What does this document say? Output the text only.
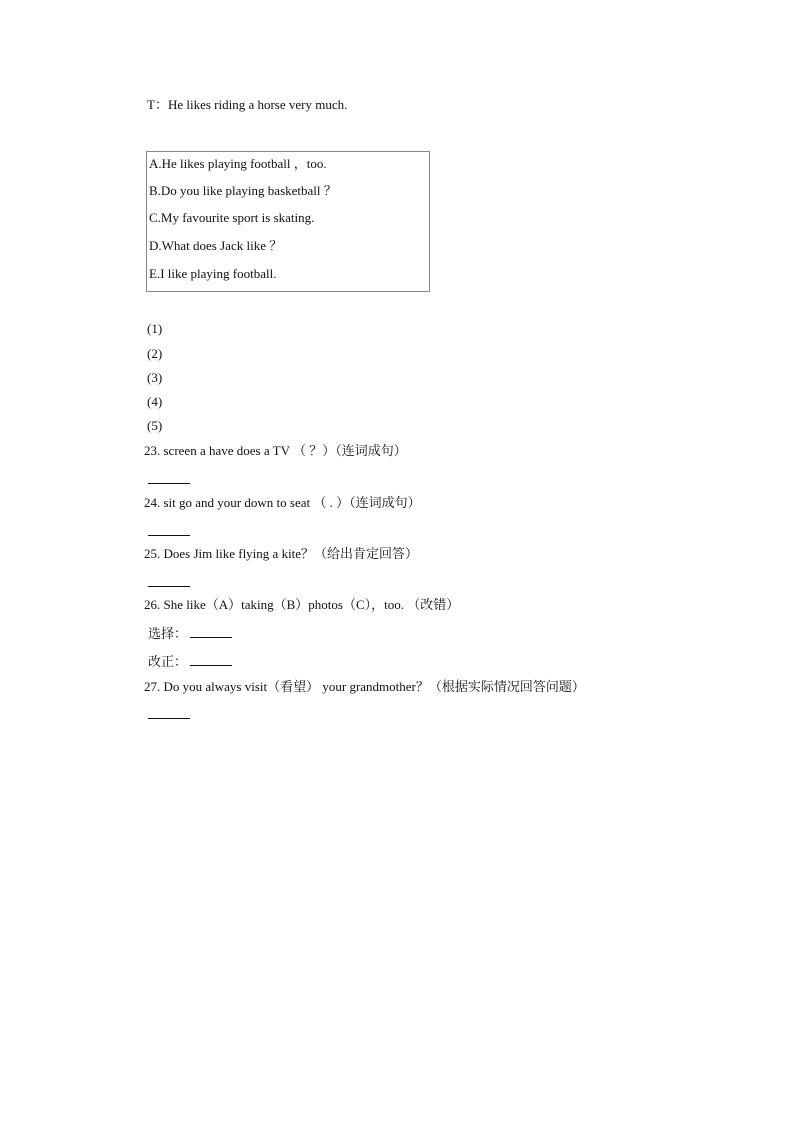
T：He likes riding a horse very much.
A.He likes playing football ，too.
B.Do you like playing basketball ？
C.My favourite sport is skating.
D.What does Jack like ？
E.I like playing football.
(1)
(2)
(3)
(4)
(5)
23. screen a have does a TV （ ？）（连词成句）
24. sit go and your down to seat （ . ）（连词成句）
25. Does Jim like flying a kite？（给出肯定回答）
26. She like（A）taking（B）photos（C），too. （改错）
选择：
改正：
27. Do you always visit（看望） your grandmother？（根据实际情况回答问题）
